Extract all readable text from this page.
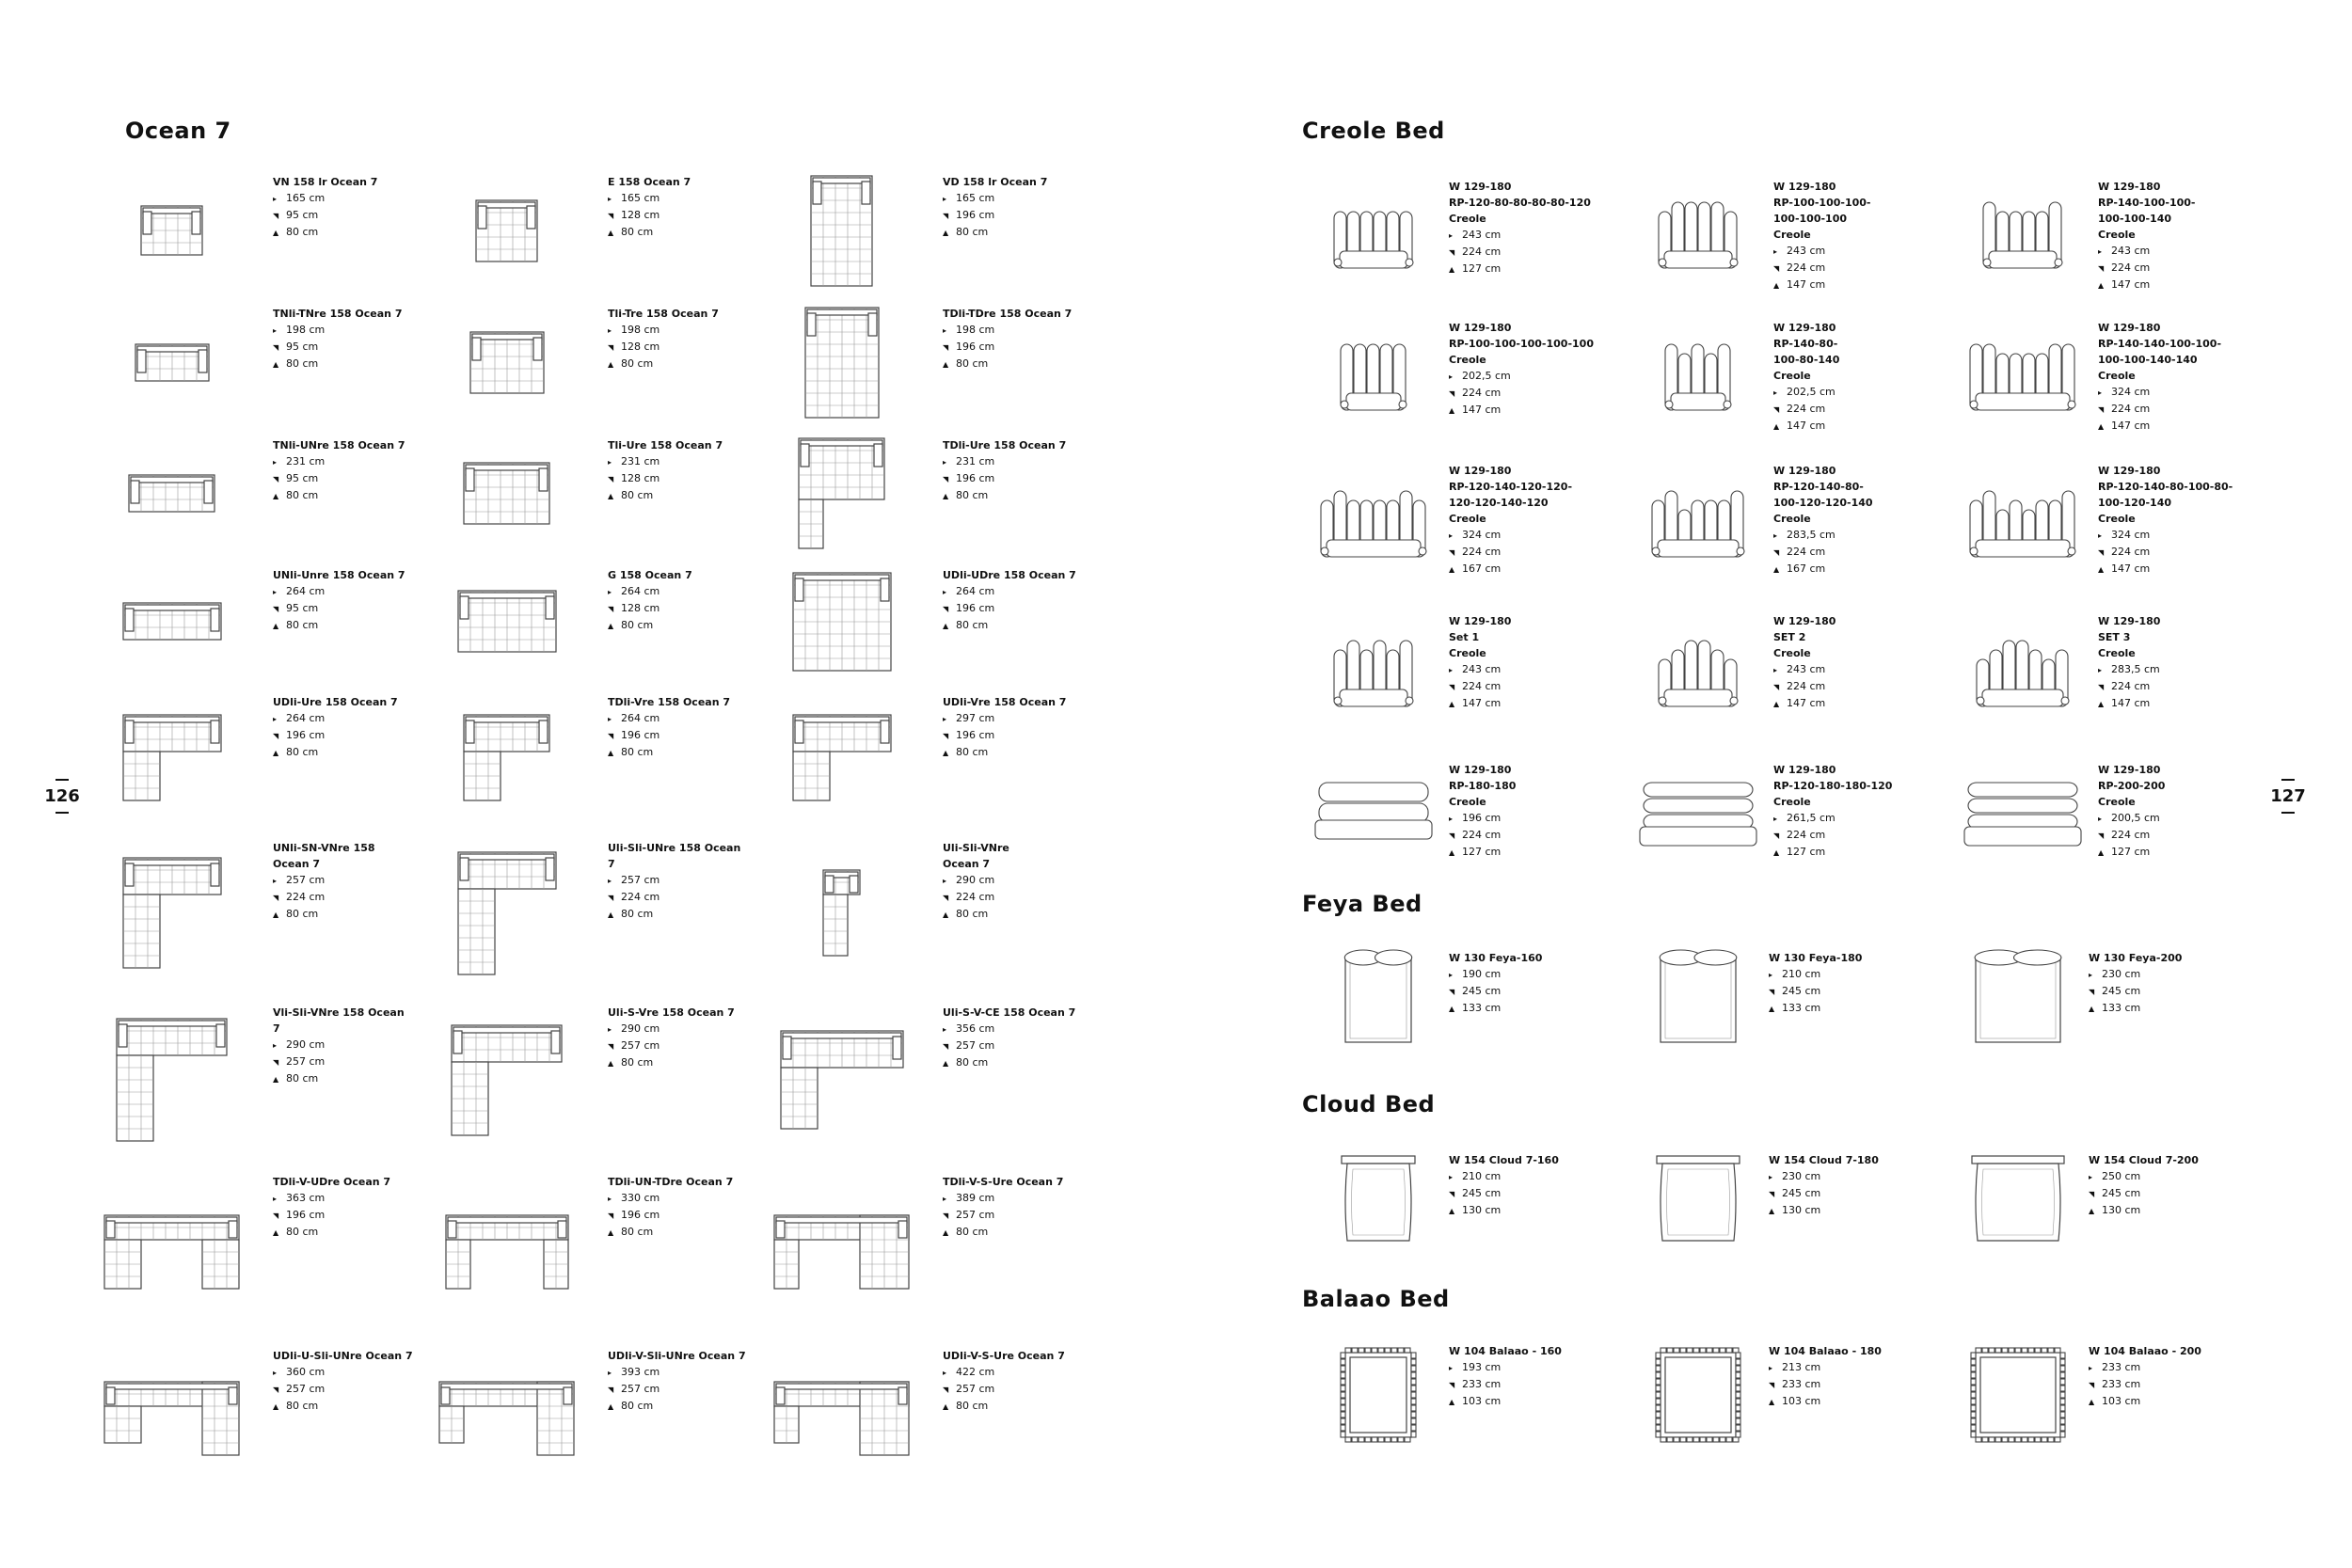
Ocean 7

VN 158 lr Ocean 7

▸ 165 cm

◥ 95 cm

▲ 80 cm

E 158 Ocean 7

▸ 165 cm

◥ 128 cm

▲ 80 cm

VD 158 lr Ocean 7

▸ 165 cm

◥ 196 cm

▲ 80 cm

TNli-TNre 158 Ocean 7

▸ 198 cm

◥ 95 cm

▲ 80 cm

Tli-Tre 158 Ocean 7

▸ 198 cm

◥ 128 cm

▲ 80 cm

TDli-TDre 158 Ocean 7

▸ 198 cm

◥ 196 cm

▲ 80 cm

TNli-UNre 158 Ocean 7

▸ 231 cm

◥ 95 cm

▲ 80 cm

Tli-Ure 158 Ocean 7

▸ 231 cm

◥ 128 cm

▲ 80 cm

TDli-Ure 158 Ocean 7

▸ 231 cm

◥ 196 cm

▲ 80 cm

UNli-Unre 158 Ocean 7

▸ 264 cm

◥ 95 cm

▲ 80 cm

G 158 Ocean 7

▸ 264 cm

◥ 128 cm

▲ 80 cm

UDli-UDre 158 Ocean 7

▸ 264 cm

◥ 196 cm

▲ 80 cm

UDli-Ure 158 Ocean 7

▸ 264 cm

◥ 196 cm

▲ 80 cm

TDli-Vre 158 Ocean 7

▸ 264 cm

◥ 196 cm

▲ 80 cm

UDli-Vre 158 Ocean 7

▸ 297 cm

◥ 196 cm

▲ 80 cm

UNli-SN-VNre 158
Ocean 7

▸ 257 cm

◥ 224 cm

▲ 80 cm

Uli-Sli-UNre 158 Ocean 7

▸ 257 cm

◥ 224 cm

▲ 80 cm

Uli-Sli-VNre
Ocean 7

▸ 290 cm

◥ 224 cm

▲ 80 cm

Vli-Sli-VNre 158 Ocean 7

▸ 290 cm

◥ 257 cm

▲ 80 cm

Uli-S-Vre 158 Ocean 7

▸ 290 cm

◥ 257 cm

▲ 80 cm

Uli-S-V-CE 158 Ocean 7

▸ 356 cm

◥ 257 cm

▲ 80 cm

TDli-V-UDre Ocean 7

▸ 363 cm

◥ 196 cm

▲ 80 cm

TDli-UN-TDre Ocean 7

▸ 330 cm

◥ 196 cm

▲ 80 cm

TDli-V-S-Ure Ocean 7

▸ 389 cm

◥ 257 cm

▲ 80 cm

UDli-U-Sli-UNre Ocean 7

▸ 360 cm

◥ 257 cm

▲ 80 cm

UDli-V-Sli-UNre Ocean 7

▸ 393 cm

◥ 257 cm

▲ 80 cm

UDli-V-S-Ure Ocean 7

▸ 422 cm

◥ 257 cm

▲ 80 cm

126
Creole Bed

W 129-180
RP-120-80-80-80-80-120
Creole

▸ 243 cm

◥ 224 cm

▲ 127 cm

W 129-180
RP-100-100-100-
100-100-100
Creole

▸ 243 cm

◥ 224 cm

▲ 147 cm

W 129-180
RP-140-100-100-
100-100-140
Creole

▸ 243 cm

◥ 224 cm

▲ 147 cm

W 129-180
RP-100-100-100-100-100
Creole

▸ 202,5 cm

◥ 224 cm

▲ 147 cm

W 129-180
RP-140-80-
100-80-140
Creole

▸ 202,5 cm

◥ 224 cm

▲ 147 cm

W 129-180
RP-140-140-100-100-
100-100-140-140
Creole

▸ 324 cm

◥ 224 cm

▲ 147 cm

W 129-180
RP-120-140-120-120-
120-120-140-120
Creole

▸ 324 cm

◥ 224 cm

▲ 167 cm

W 129-180
RP-120-140-80-
100-120-120-140
Creole

▸ 283,5 cm

◥ 224 cm

▲ 167 cm

W 129-180
RP-120-140-80-100-80-
100-120-140
Creole

▸ 324 cm

◥ 224 cm

▲ 147 cm

W 129-180
Set 1
Creole

▸ 243 cm

◥ 224 cm

▲ 147 cm

W 129-180
SET 2
Creole

▸ 243 cm

◥ 224 cm

▲ 147 cm

W 129-180
SET 3
Creole

▸ 283,5 cm

◥ 224 cm

▲ 147 cm

W 129-180
RP-180-180
Creole

▸ 196 cm

◥ 224 cm

▲ 127 cm

W 129-180
RP-120-180-180-120
Creole

▸ 261,5 cm

◥ 224 cm

▲ 127 cm

W 129-180
RP-200-200
Creole

▸ 200,5 cm

◥ 224 cm

▲ 127 cm

Feya Bed

W 130 Feya-160

▸ 190 cm

◥ 245 cm

▲ 133 cm

W 130 Feya-180

▸ 210 cm

◥ 245 cm

▲ 133 cm

W 130 Feya-200

▸ 230 cm

◥ 245 cm

▲ 133 cm

Cloud Bed

W 154 Cloud 7-160

▸ 210 cm

◥ 245 cm

▲ 130 cm

W 154 Cloud 7-180

▸ 230 cm

◥ 245 cm

▲ 130 cm

W 154 Cloud 7-200

▸ 250 cm

◥ 245 cm

▲ 130 cm

Balaao Bed

W 104 Balaao - 160

▸ 193 cm

◥ 233 cm

▲ 103 cm

W 104 Balaao - 180

▸ 213 cm

◥ 233 cm

▲ 103 cm

W 104 Balaao - 200

▸ 233 cm

◥ 233 cm

▲ 103 cm

127
